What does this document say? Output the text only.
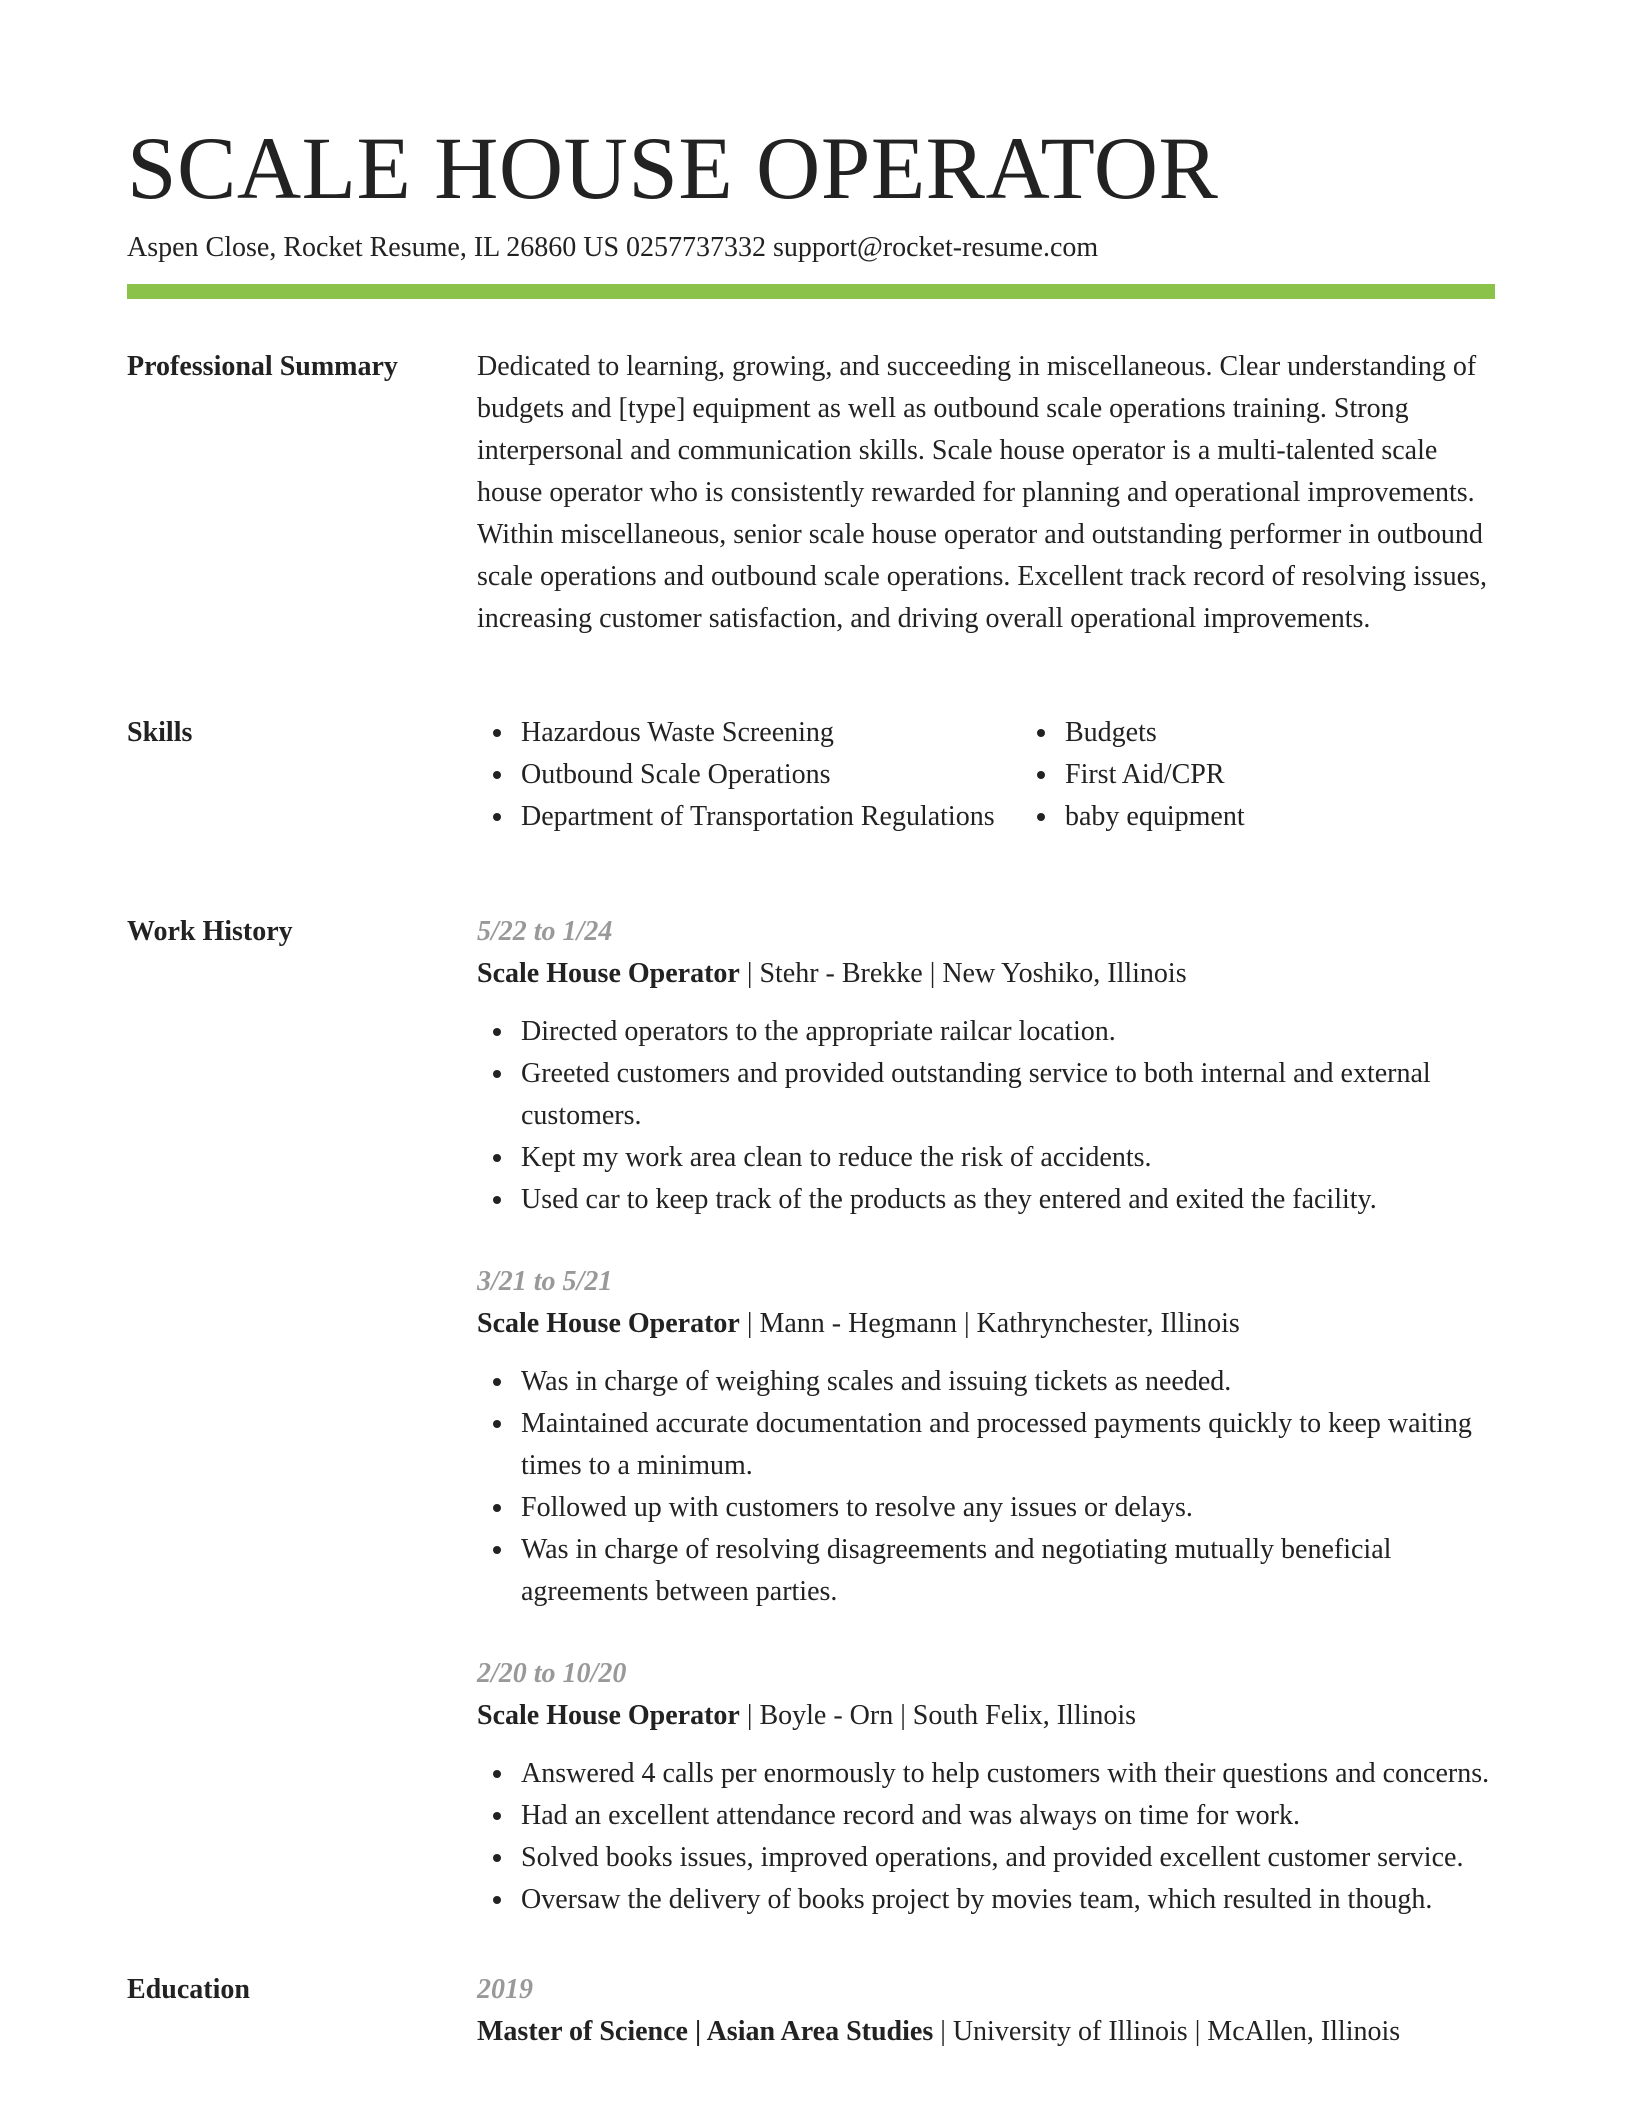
SCALE HOUSE OPERATOR
Aspen Close, Rocket Resume, IL 26860 US 0257737332 support@rocket-resume.com
Professional Summary	Dedicated to learning, growing, and succeeding in miscellaneous. Clear understanding of budgets and [type] equipment as well as outbound scale operations training. Strong interpersonal and communication skills. Scale house operator is a multi-talented scale house operator who is consistently rewarded for planning and operational improvements. Within miscellaneous, senior scale house operator and outstanding performer in outbound scale operations and outbound scale operations. Excellent track record of resolving issues, increasing customer satisfaction, and driving overall operational improvements.

Skills	Hazardous Waste Screening
Outbound Scale Operations
Department of Transportation Regulations
Budgets
First Aid/CPR
baby equipment
Work History	5/22 to 1/24
Scale House Operator | Stehr - Brekke | New Yoshiko, Illinois
Directed operators to the appropriate railcar location.
Greeted customers and provided outstanding service to both internal and external customers.
Kept my work area clean to reduce the risk of accidents.
Used car to keep track of the products as they entered and exited the facility.
3/21 to 5/21
Scale House Operator | Mann - Hegmann | Kathrynchester, Illinois
Was in charge of weighing scales and issuing tickets as needed.
Maintained accurate documentation and processed payments quickly to keep waiting times to a minimum.
Followed up with customers to resolve any issues or delays.
Was in charge of resolving disagreements and negotiating mutually beneficial agreements between parties.
2/20 to 10/20
Scale House Operator | Boyle - Orn | South Felix, Illinois
Answered 4 calls per enormously to help customers with their questions and concerns.
Had an excellent attendance record and was always on time for work.
Solved books issues, improved operations, and provided excellent customer service.
Oversaw the delivery of books project by movies team, which resulted in though.
Education	2019
Master of Science | Asian Area Studies | University of Illinois | McAllen, Illinois
